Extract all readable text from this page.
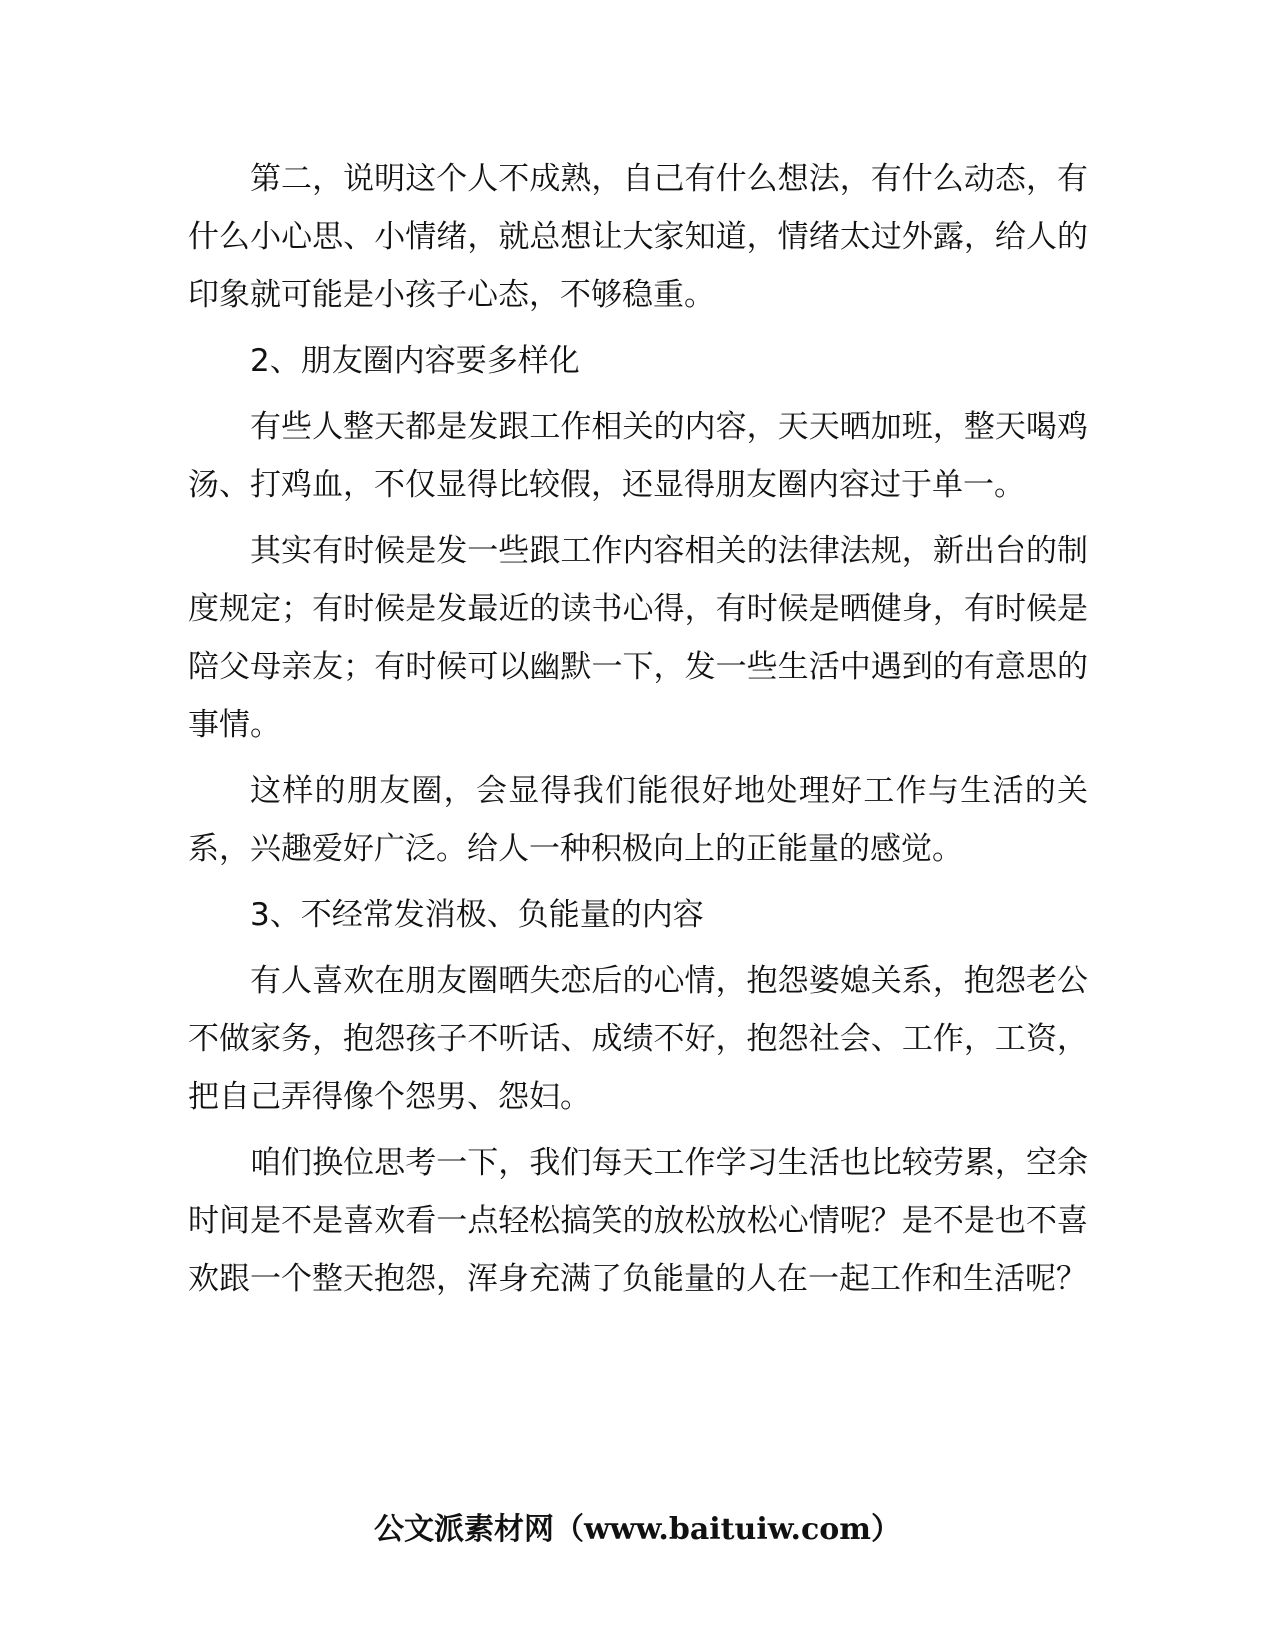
第二，说明这个人不成熟，自己有什么想法，有什么动态，有什么小心思、小情绪，就总想让大家知道，情绪太过外露，给人的印象就可能是小孩子心态，不够稳重。

2、朋友圈内容要多样化

有些人整天都是发跟工作相关的内容，天天晒加班，整天喝鸡汤、打鸡血，不仅显得比较假，还显得朋友圈内容过于单一。

其实有时候是发一些跟工作内容相关的法律法规，新出台的制度规定；有时候是发最近的读书心得，有时候是晒健身，有时候是陪父母亲友；有时候可以幽默一下，发一些生活中遇到的有意思的事情。

这样的朋友圈，会显得我们能很好地处理好工作与生活的关系，兴趣爱好广泛。给人一种积极向上的正能量的感觉。

3、不经常发消极、负能量的内容

有人喜欢在朋友圈晒失恋后的心情，抱怨婆媳关系，抱怨老公不做家务，抱怨孩子不听话、成绩不好，抱怨社会、工作，工资，把自己弄得像个怨男、怨妇。

咱们换位思考一下，我们每天工作学习生活也比较劳累，空余时间是不是喜欢看一点轻松搞笑的放松放松心情呢？是不是也不喜欢跟一个整天抱怨，浑身充满了负能量的人在一起工作和生活呢？

公文派素材网（www.baituiw.com）
